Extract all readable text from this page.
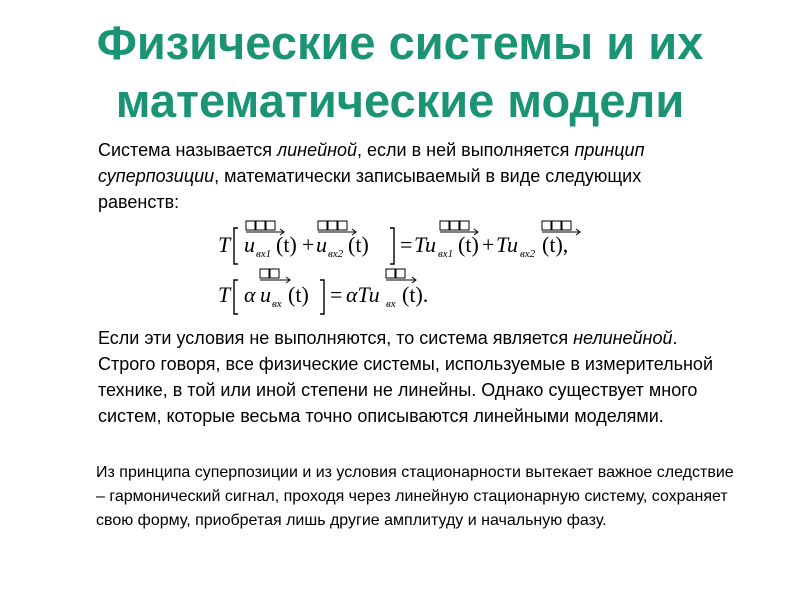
Физические системы и их
математические модели
Система называется линейной, если в ней выполняется принцип суперпозиции, математически записываемый в виде следующих равенств:
T u вх1 (t) + u вх2 (t) = Tu вх1 (t) + Tu вх2 (t),
T α u вх (t) = αTu вх (t).
Если эти условия не выполняются, то система является нелинейной. Строго говоря, все физические системы, используемые в измерительной технике, в той или иной степени не линейны. Однако существует много систем, которые весьма точно описываются линейными моделями.
Из принципа суперпозиции и из условия стационарности вытекает важное следствие – гармонический сигнал, проходя через линейную стационарную систему, сохраняет свою форму, приобретая лишь другие амплитуду и начальную фазу.
